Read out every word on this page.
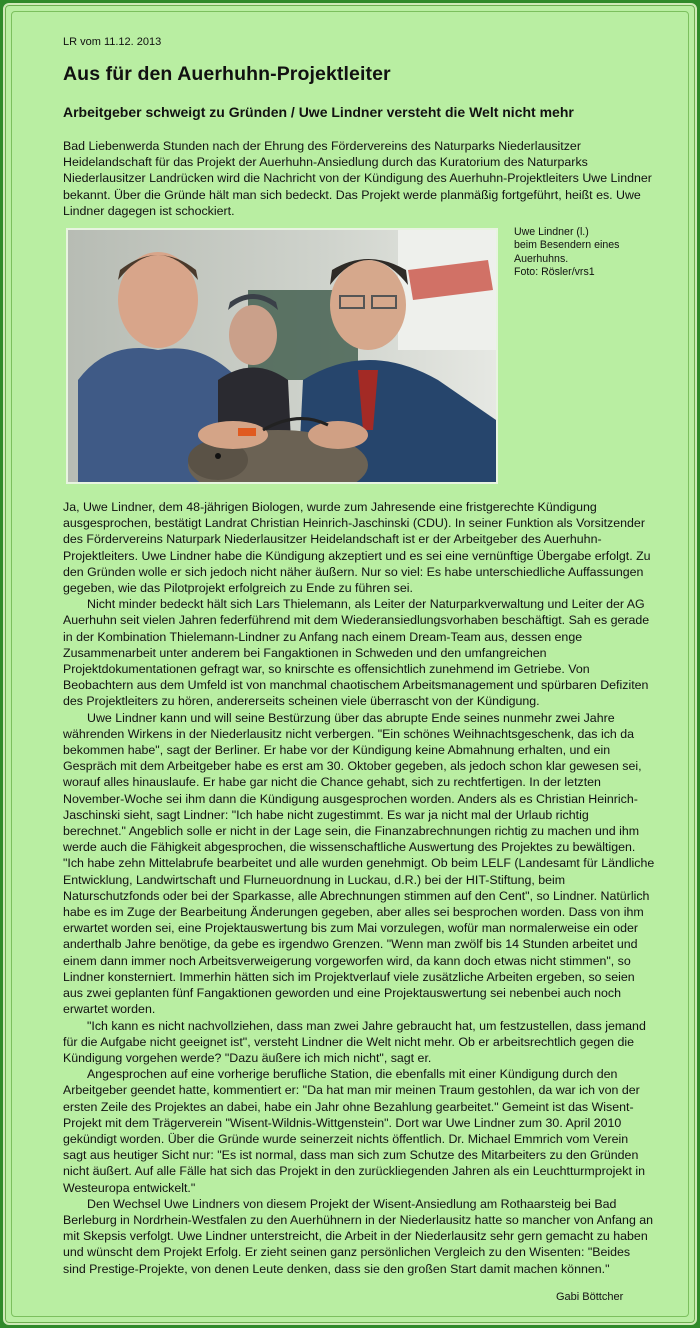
LR vom 11.12. 2013
Aus für den Auerhuhn-Projektleiter
Arbeitgeber schweigt zu Gründen / Uwe Lindner versteht die Welt nicht mehr

Bad Liebenwerda Stunden nach der Ehrung des Fördervereins des Naturparks Niederlausitzer Heidelandschaft für das Projekt der Auerhuhn-Ansiedlung durch das Kuratorium des Naturparks Niederlausitzer Landrücken wird die Nachricht von der Kündigung des Auerhuhn-Projektleiters Uwe Lindner bekannt. Über die Gründe hält man sich bedeckt. Das Projekt werde planmäßig fortgeführt, heißt es. Uwe Lindner dagegen ist schockiert.

Uwe Lindner (l.)
beim Besendern eines
Auerhuhns.
Foto: Rösler/vrs1

Ja, Uwe Lindner, dem 48-jährigen Biologen, wurde zum Jahresende eine fristgerechte Kündigung ausgesprochen, bestätigt Landrat Christian Heinrich-Jaschinski (CDU). In seiner Funktion als Vorsitzender des Fördervereins Naturpark Niederlausitzer Heidelandschaft ist er der Arbeitgeber des Auerhuhn-Projektleiters. Uwe Lindner habe die Kündigung akzeptiert und es sei eine vernünftige Übergabe erfolgt. Zu den Gründen wolle er sich jedoch nicht näher äußern. Nur so viel: Es habe unterschiedliche Auffassungen gegeben, wie das Pilotprojekt erfolgreich zu Ende zu führen sei.

Nicht minder bedeckt hält sich Lars Thielemann, als Leiter der Naturparkverwaltung und Leiter der AG Auerhuhn seit vielen Jahren federführend mit dem Wiederansiedlungsvorhaben beschäftigt. Sah es gerade in der Kombination Thielemann-Lindner zu Anfang nach einem Dream-Team aus, dessen enge Zusammenarbeit unter anderem bei Fangaktionen in Schweden und den umfangreichen Projektdokumentationen gefragt war, so knirschte es offensichtlich zunehmend im Getriebe. Von Beobachtern aus dem Umfeld ist von manchmal chaotischem Arbeitsmanagement und spürbaren Defiziten des Projektleiters zu hören, andererseits scheinen viele überrascht von der Kündigung.

Uwe Lindner kann und will seine Bestürzung über das abrupte Ende seines nunmehr zwei Jahre währenden Wirkens in der Niederlausitz nicht verbergen. "Ein schönes Weihnachtsgeschenk, das ich da bekommen habe", sagt der Berliner. Er habe vor der Kündigung keine Abmahnung erhalten, und ein Gespräch mit dem Arbeitgeber habe es erst am 30. Oktober gegeben, als jedoch schon klar gewesen sei, worauf alles hinauslaufe. Er habe gar nicht die Chance gehabt, sich zu rechtfertigen. In der letzten November-Woche sei ihm dann die Kündigung ausgesprochen worden. Anders als es Christian Heinrich- Jaschinski sieht, sagt Lindner: "Ich habe nicht zugestimmt. Es war ja nicht mal der Urlaub richtig berechnet." Angeblich solle er nicht in der Lage sein, die Finanzabrechnungen richtig zu machen und ihm werde auch die Fähigkeit abgesprochen, die wissenschaftliche Auswertung des Projektes zu bewältigen. "Ich habe zehn Mittelabrufe bearbeitet und alle wurden genehmigt. Ob beim LELF (Landesamt für Ländliche Entwicklung, Landwirtschaft und Flurneuordnung in Luckau, d.R.) bei der HIT-Stiftung, beim Naturschutzfonds oder bei der Sparkasse, alle Abrechnungen stimmen auf den Cent", so Lindner. Natürlich habe es im Zuge der Bearbeitung Änderungen gegeben, aber alles sei besprochen worden. Dass von ihm erwartet worden sei, eine Projektauswertung bis zum Mai vorzulegen, wofür man normalerweise ein oder anderthalb Jahre benötige, da gebe es irgendwo Grenzen. "Wenn man zwölf bis 14 Stunden arbeitet und einem dann immer noch Arbeitsverweigerung vorgeworfen wird, da kann doch etwas nicht stimmen", so Lindner konsterniert. Immerhin hätten sich im Projektverlauf viele zusätzliche Arbeiten ergeben, so seien aus zwei geplanten fünf Fangaktionen geworden und eine Projektauswertung sei nebenbei auch noch erwartet worden.

"Ich kann es nicht nachvollziehen, dass man zwei Jahre gebraucht hat, um festzustellen, dass jemand für die Aufgabe nicht geeignet ist", versteht Lindner die Welt nicht mehr. Ob er arbeitsrechtlich gegen die Kündigung vorgehen werde? "Dazu äußere ich mich nicht", sagt er.

Angesprochen auf eine vorherige berufliche Station, die ebenfalls mit einer Kündigung durch den Arbeitgeber geendet hatte, kommentiert er: "Da hat man mir meinen Traum gestohlen, da war ich von der ersten Zeile des Projektes an dabei, habe ein Jahr ohne Bezahlung gearbeitet." Gemeint ist das Wisent-Projekt mit dem Trägerverein "Wisent-Wildnis-Wittgenstein". Dort war Uwe Lindner zum 30. April 2010 gekündigt worden. Über die Gründe wurde seinerzeit nichts öffentlich. Dr. Michael Emmrich vom Verein sagt aus heutiger Sicht nur: "Es ist normal, dass man sich zum Schutze des Mitarbeiters zu den Gründen nicht äußert. Auf alle Fälle hat sich das Projekt in den zurückliegenden Jahren als ein Leuchtturmprojekt in Westeuropa entwickelt."

Den Wechsel Uwe Lindners von diesem Projekt der Wisent-Ansiedlung am Rothaarsteig bei Bad Berleburg in Nordrhein-Westfalen zu den Auerhühnern in der Niederlausitz hatte so mancher von Anfang an mit Skepsis verfolgt. Uwe Lindner unterstreicht, die Arbeit in der Niederlausitz sehr gern gemacht zu haben und wünscht dem Projekt Erfolg. Er zieht seinen ganz persönlichen Vergleich zu den Wisenten: "Beides sind Prestige-Projekte, von denen Leute denken, dass sie den großen Start damit machen können."

Gabi Böttcher
